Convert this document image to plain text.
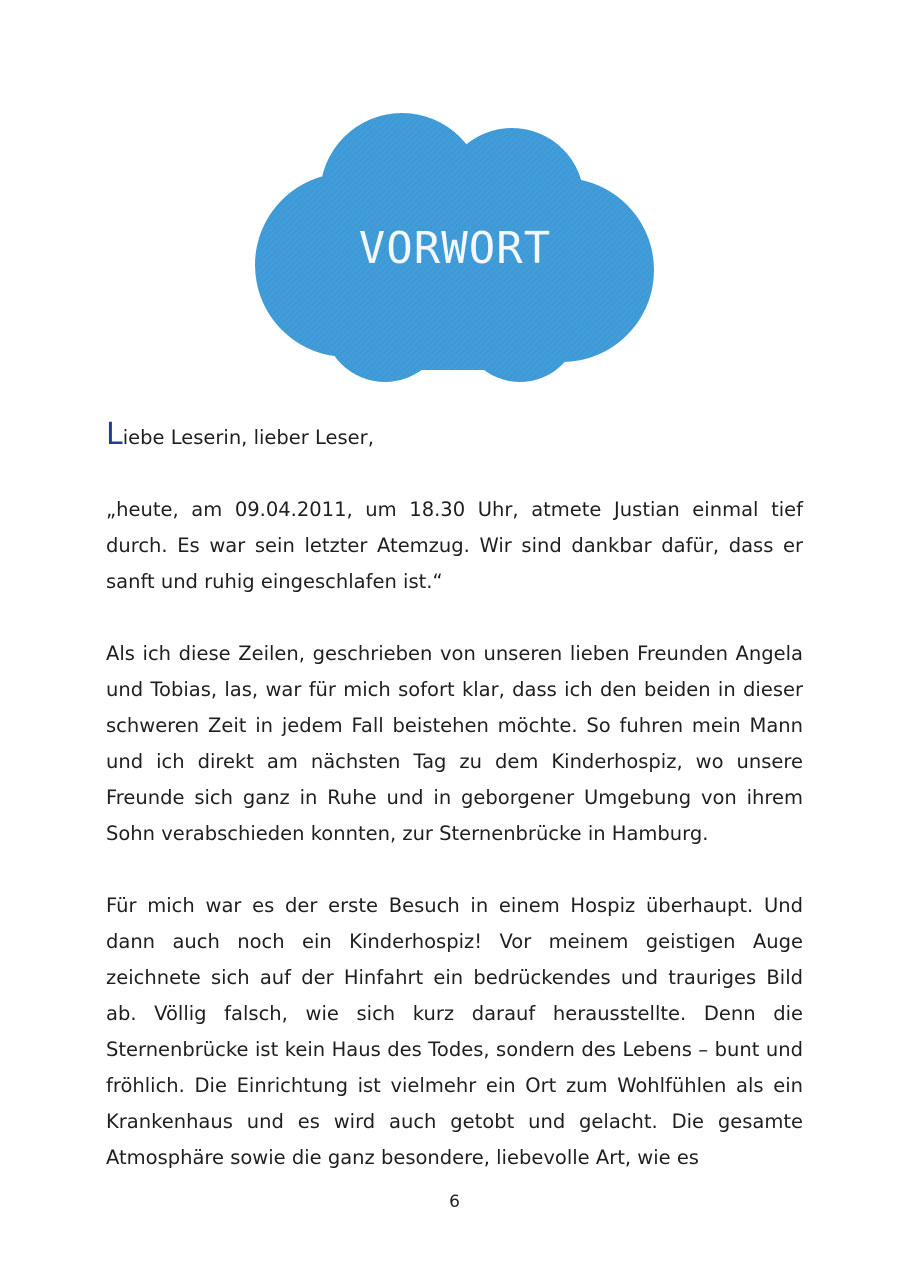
VORWORT

Liebe Leserin, lieber Leser,

„heute, am 09.04.2011, um 18.30 Uhr, atmete Justian einmal tief durch. Es war sein letzter Atemzug. Wir sind dankbar dafür, dass er sanft und ruhig eingeschlafen ist.“

Als ich diese Zeilen, geschrieben von unseren lieben Freunden Angela und Tobias, las, war für mich sofort klar, dass ich den beiden in dieser schweren Zeit in jedem Fall beistehen möchte. So fuhren mein Mann und ich direkt am nächsten Tag zu dem Kinderhospiz, wo unsere Freunde sich ganz in Ruhe und in geborgener Umgebung von ihrem Sohn verabschieden konnten, zur Sternenbrücke in Hamburg.

Für mich war es der erste Besuch in einem Hospiz überhaupt. Und dann auch noch ein Kinderhospiz! Vor meinem geistigen Auge zeichnete sich auf der Hinfahrt ein bedrückendes und trauriges Bild ab. Völlig falsch, wie sich kurz darauf herausstellte. Denn die Sternenbrücke ist kein Haus des Todes, sondern des Lebens – bunt und fröhlich. Die Einrichtung ist vielmehr ein Ort zum Wohlfühlen als ein Krankenhaus und es wird auch getobt und gelacht. Die gesamte Atmosphäre sowie die ganz besondere, liebevolle Art, wie es

6
